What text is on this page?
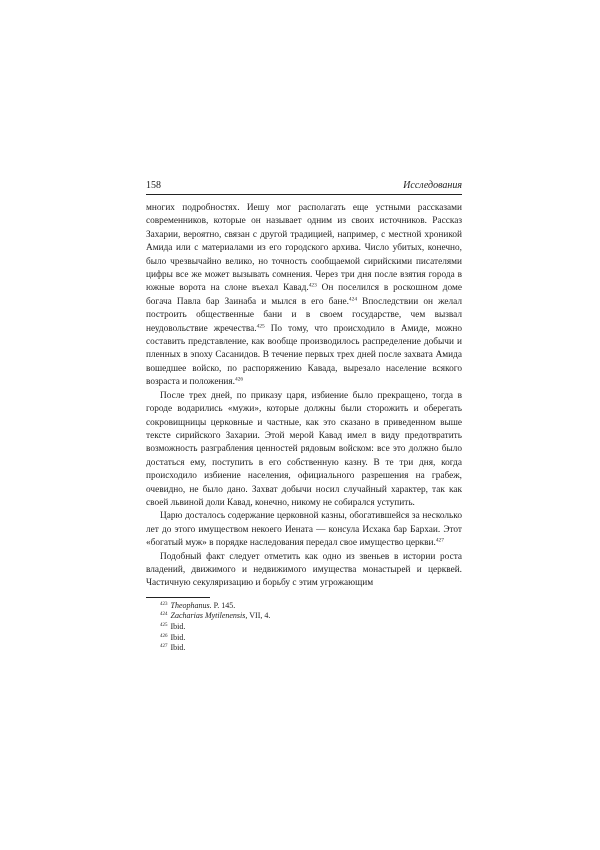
158	Исследования

многих подробностях. Иешу мог располагать еще устными рассказами современников, которые он называет одним из своих источников. Рассказ Захарии, вероятно, связан с другой традицией, например, с местной хроникой Амида или с материалами из его городского архива. Число убитых, конечно, было чрезвычайно велико, но точность сообщаемой сирийскими писателями цифры все же может вызывать сомнения. Через три дня после взятия города в южные ворота на слоне въехал Кавад.$^{423}$ Он поселился в роскошном доме богача Павла бар Заинаба и мылся в его бане.$^{424}$ Впоследствии он желал построить общественные бани и в своем государстве, чем вызвал неудовольствие жречества.$^{425}$ По тому, что происходило в Амиде, можно составить представление, как вообще производилось распределение добычи и пленных в эпоху Сасанидов. В течение первых трех дней после захвата Амида вошедшее войско, по распоряжению Кавада, вырезало население всякого возраста и положения.$^{426}$

После трех дней, по приказу царя, избиение было прекращено, тогда в городе водарились «мужи», которые должны были сторожить и оберегать сокровищницы церковные и частные, как это сказано в приведенном выше тексте сирийского Захарии. Этой мерой Кавад имел в виду предотвратить возможность разграбления ценностей рядовым войском: все это должно было достаться ему, поступить в его собственную казну. В те три дня, когда происходило избиение населения, официального разрешения на грабеж, очевидно, не было дано. Захват добычи носил случайный характер, так как своей львиной доли Кавад, конечно, никому не собирался уступить.

Царю досталось содержание церковной казны, обогатившейся за несколько лет до этого имуществом некоего Иената — консула Исхака бар Бархаи. Этот «богатый муж» в порядке наследования передал свое имущество церкви.$^{427}$

Подобный факт следует отметить как одно из звеньев в истории роста владений, движимого и недвижимого имущества монастырей и церквей. Частичную секуляризацию и борьбу с этим угрожающим

$^{423}$ Theophanus. P. 145.
$^{424}$ Zacharias Mytilenensis, VII, 4.
$^{425}$ Ibid.
$^{426}$ Ibid.
$^{427}$ Ibid.
